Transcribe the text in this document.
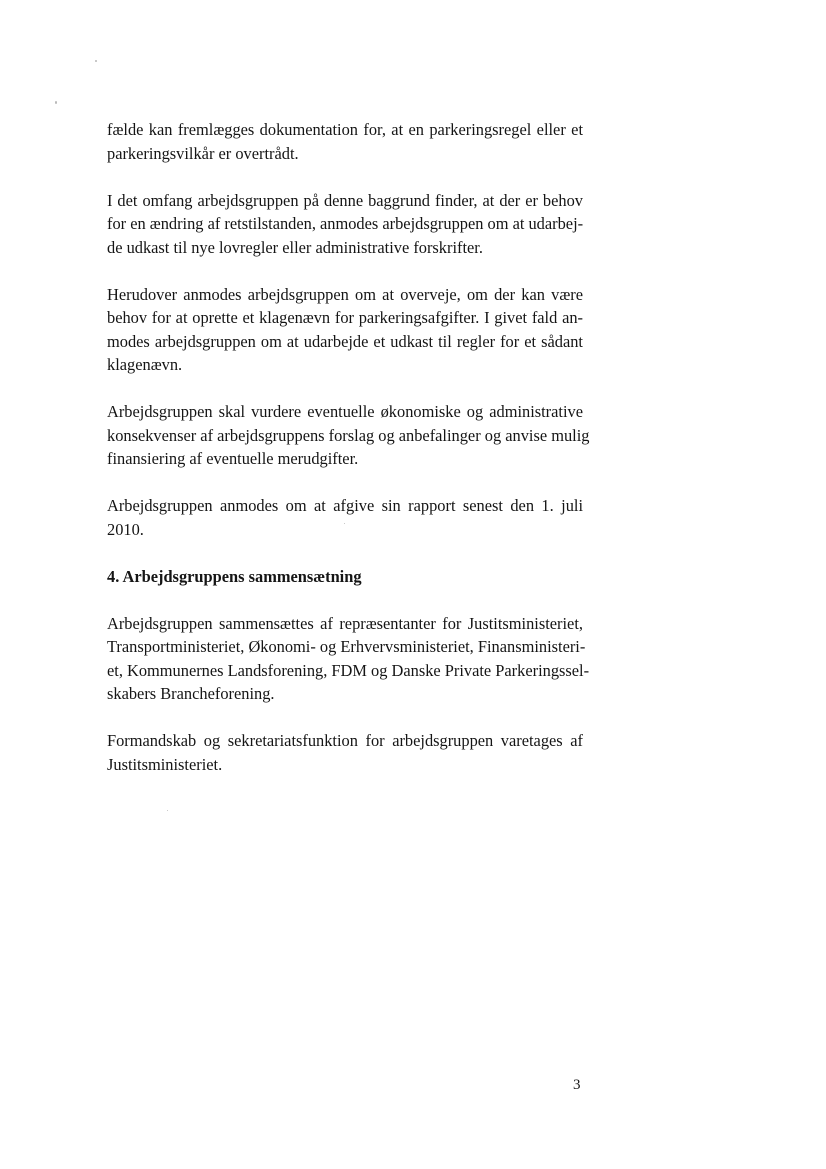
fælde kan fremlægges dokumentation for, at en parkeringsregel eller et
parkeringsvilkår er overtrådt.

I det omfang arbejdsgruppen på denne baggrund finder, at der er behov
for en ændring af retstilstanden, anmodes arbejdsgruppen om at udarbej-
de udkast til nye lovregler eller administrative forskrifter.

Herudover anmodes arbejdsgruppen om at overveje, om der kan være
behov for at oprette et klagenævn for parkeringsafgifter. I givet fald an-
modes arbejdsgruppen om at udarbejde et udkast til regler for et sådant
klagenævn.

Arbejdsgruppen skal vurdere eventuelle økonomiske og administrative
konsekvenser af arbejdsgruppens forslag og anbefalinger og anvise mulig
finansiering af eventuelle merudgifter.

Arbejdsgruppen anmodes om at afgive sin rapport senest den 1. juli
2010.

4. Arbejdsgruppens sammensætning

Arbejdsgruppen sammensættes af repræsentanter for Justitsministeriet,
Transportministeriet, Økonomi- og Erhvervsministeriet, Finansministeri-
et, Kommunernes Landsforening, FDM og Danske Private Parkeringssel-
skabers Brancheforening.

Formandskab og sekretariatsfunktion for arbejdsgruppen varetages af
Justitsministeriet.

3
